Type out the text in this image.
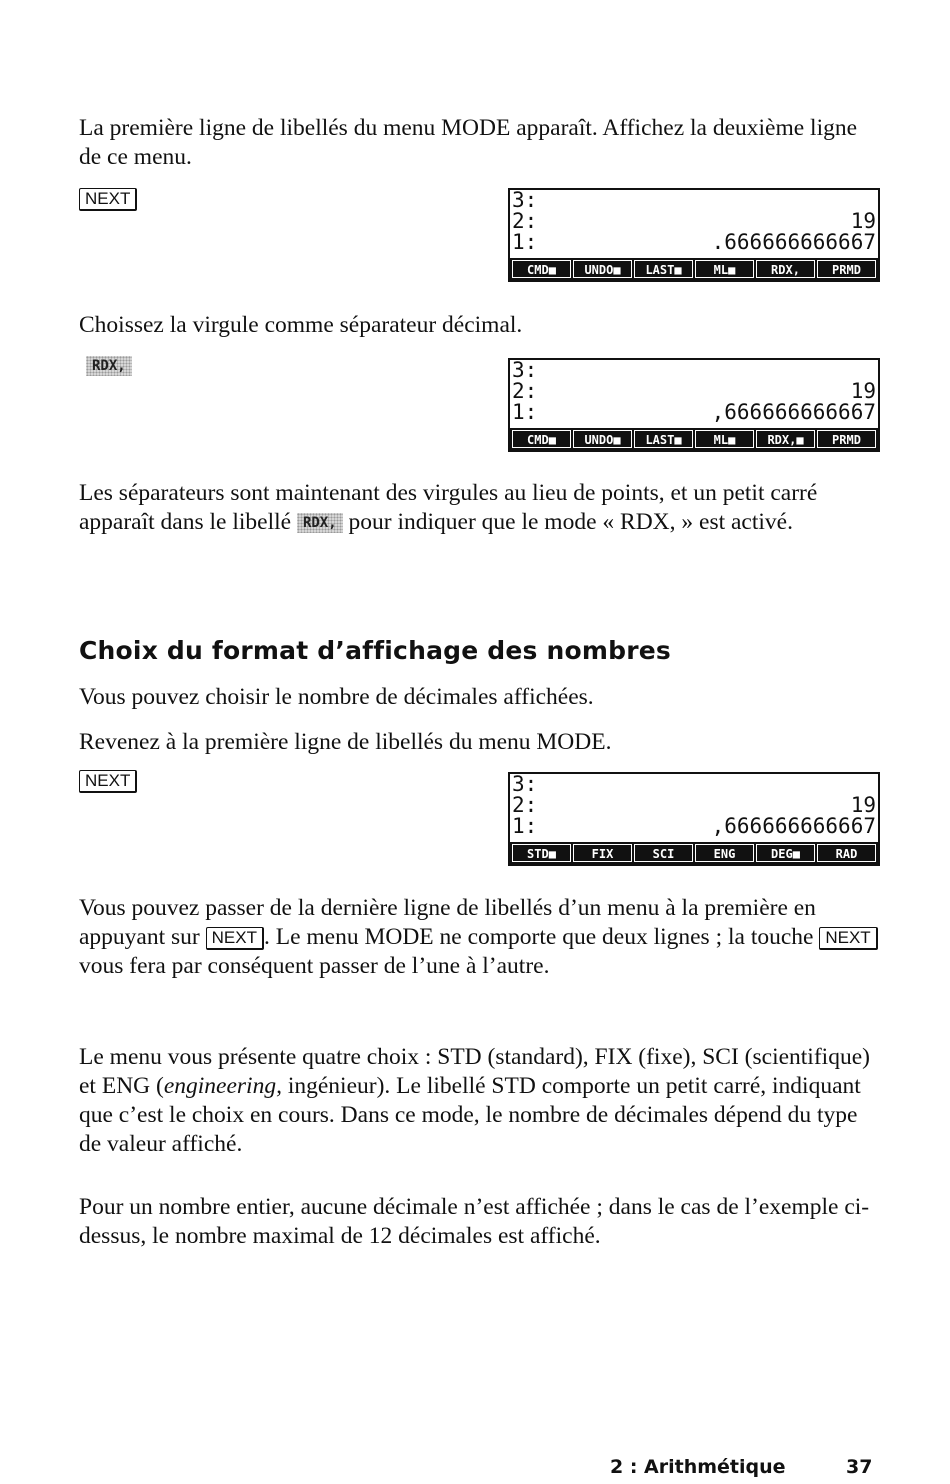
La première ligne de libellés du menu MODE apparaît. Affichez la deuxième ligne de ce menu.

NEXT	3:
2:	19
1:	.666666666667
CMD■	UNDO■	LAST■	ML■	RDX,	PRMD

Choissez la virgule comme séparateur décimal.

RDX,	3:
2:	19
1:	,666666666667
CMD■	UNDO■	LAST■	ML■	RDX,■	PRMD

Les séparateurs sont maintenant des virgules au lieu de points, et un petit carré apparaît dans le libellé RDX, pour indiquer que le mode « RDX, » est activé.

Choix du format d’affichage des nombres

Vous pouvez choisir le nombre de décimales affichées.

Revenez à la première ligne de libellés du menu MODE.

NEXT	3:
2:	19
1:	,666666666667
STD■	FIX	SCI	ENG	DEG■	RAD

Vous pouvez passer de la dernière ligne de libellés d’un menu à la première en appuyant sur NEXT . Le menu MODE ne comporte que deux lignes ; la touche NEXT vous fera par conséquent passer de l’une à l’autre.

Le menu vous présente quatre choix : STD (standard), FIX (fixe), SCI (scientifique) et ENG (engineering, ingénieur). Le libellé STD comporte un petit carré, indiquant que c’est le choix en cours. Dans ce mode, le nombre de décimales dépend du type de valeur affiché.

Pour un nombre entier, aucune décimale n’est affichée ; dans le cas de l’exemple ci-dessus, le nombre maximal de 12 décimales est affiché.

2 : Arithmétique	37
